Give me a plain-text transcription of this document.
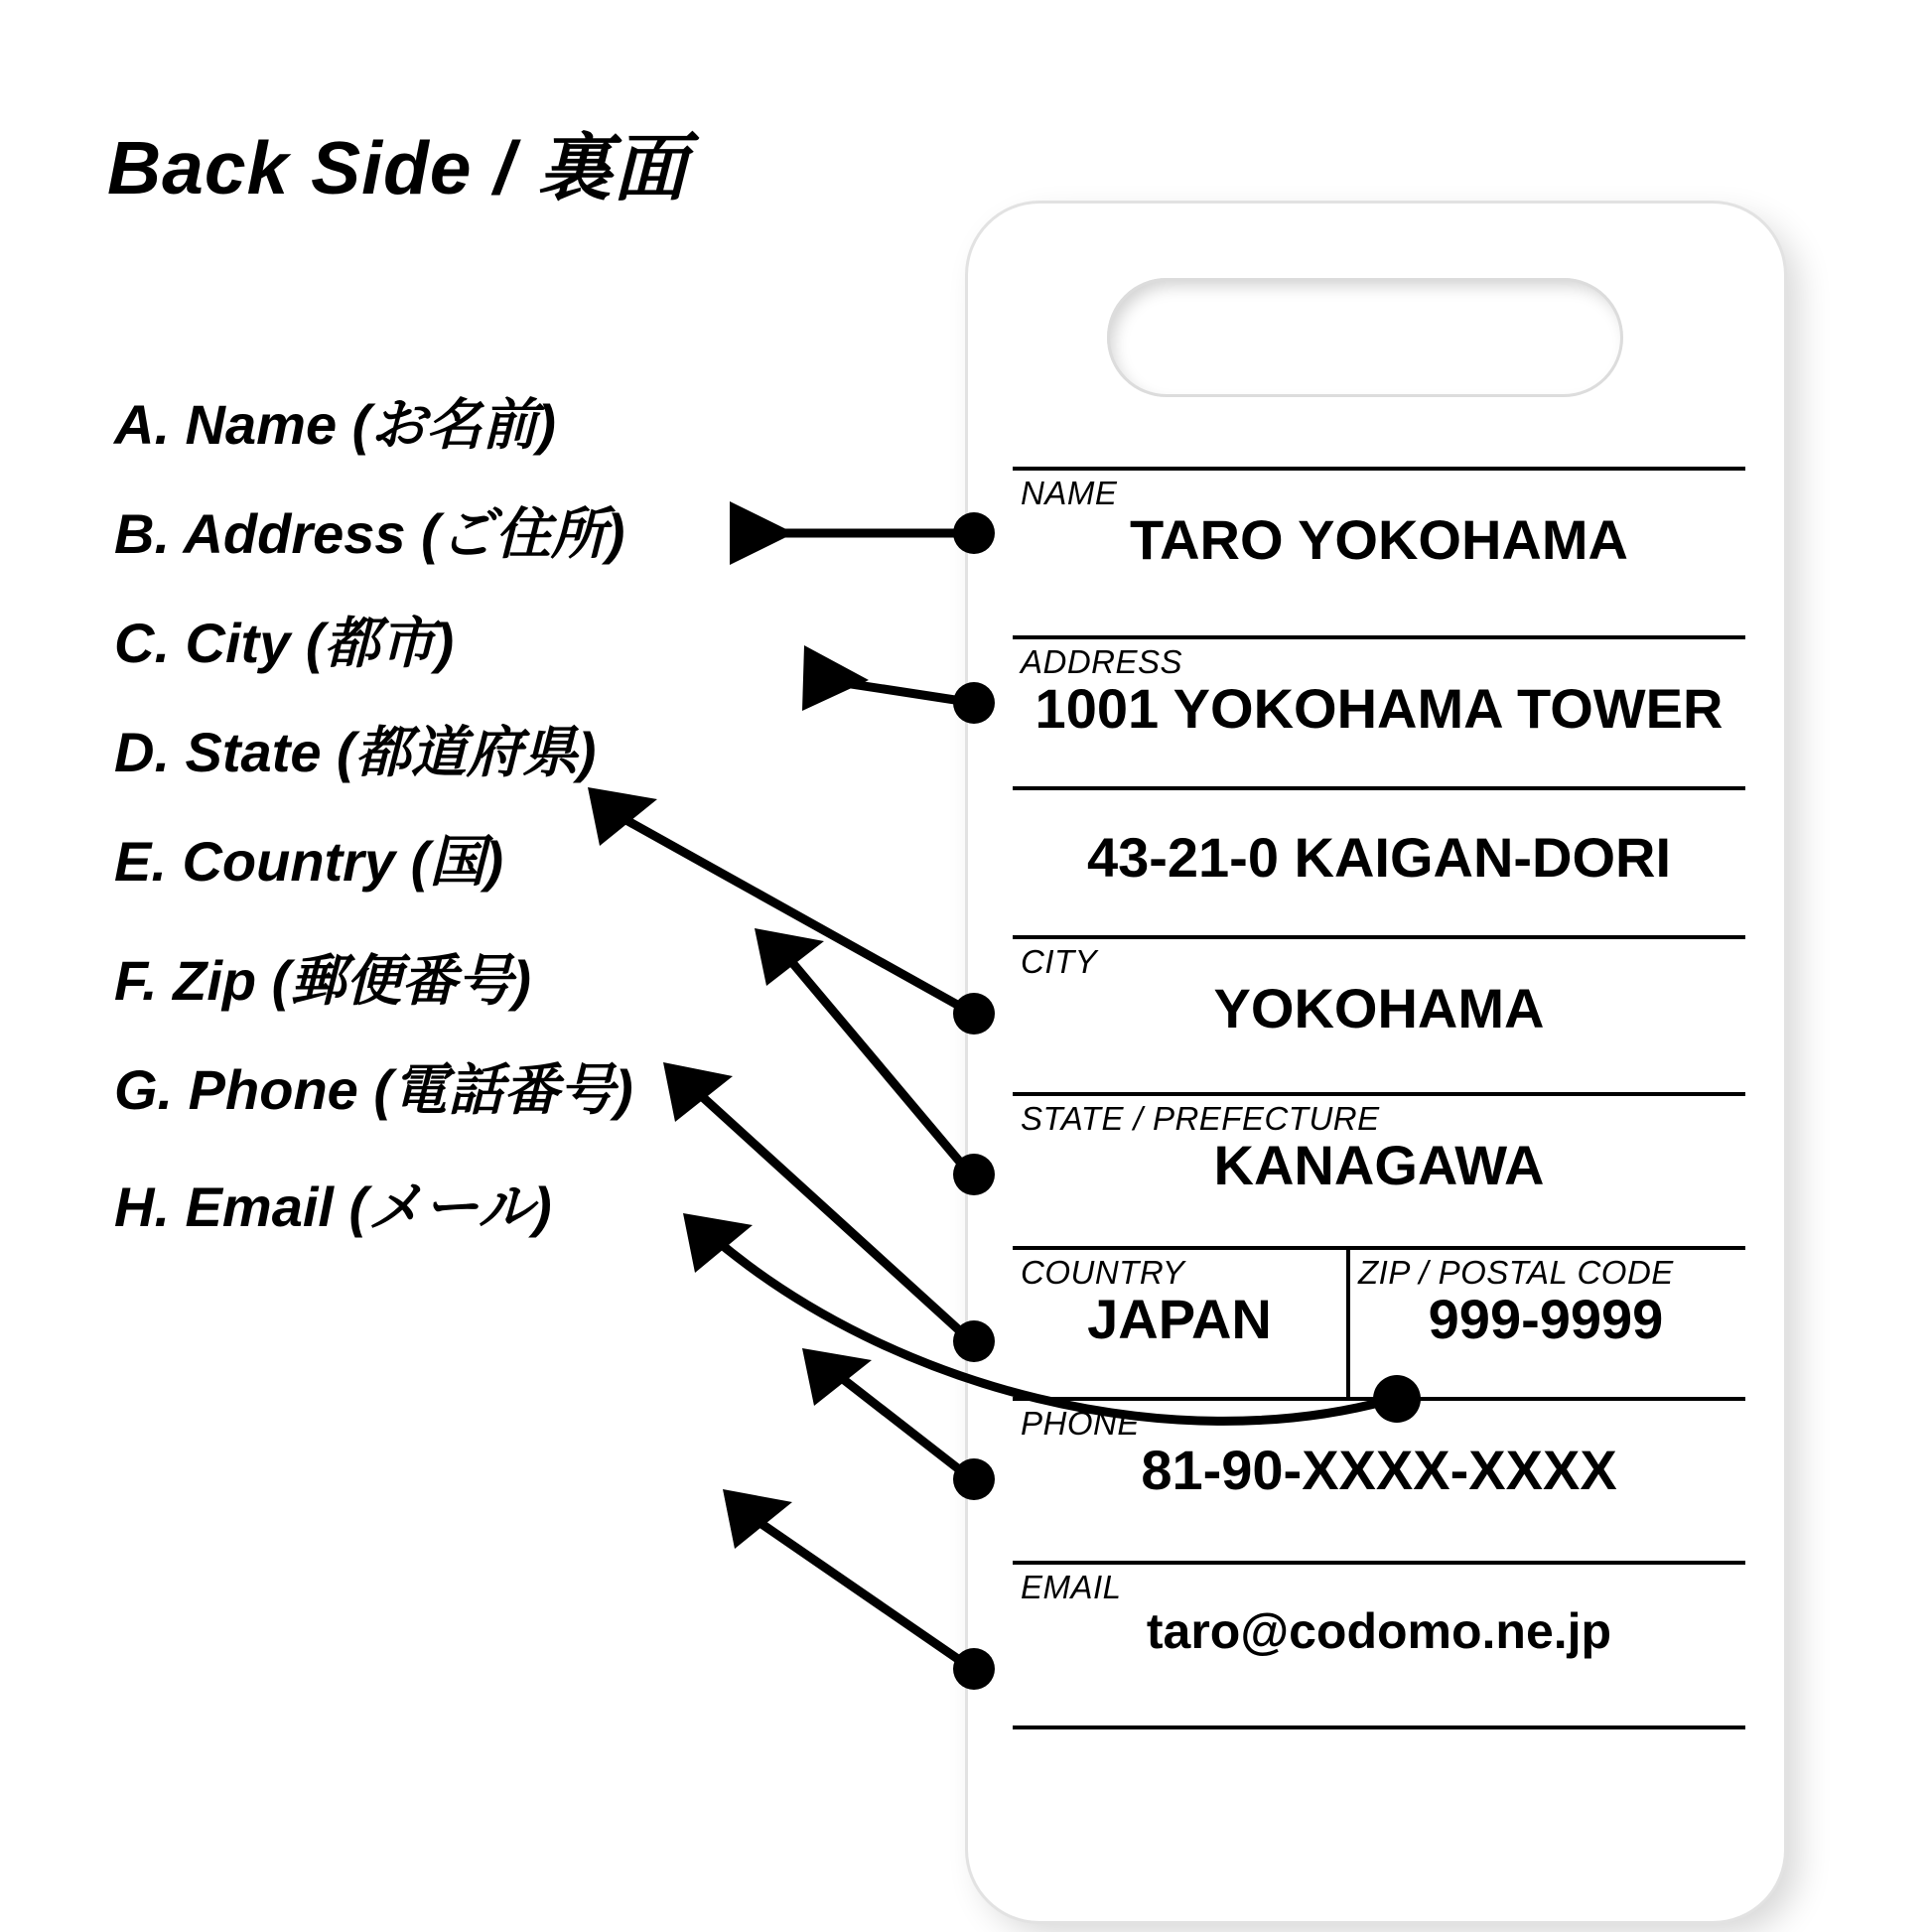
Back Side / 裏面
A. Name (お名前)
B. Address (ご住所)
C. City (都市)
D. State (都道府県)
E. Country (国)
F. Zip (郵便番号)
G. Phone (電話番号)
H. Email (メール)
NAME
TARO YOKOHAMA
ADDRESS
1001 YOKOHAMA TOWER
43-21-0 KAIGAN-DORI
CITY
YOKOHAMA
STATE / PREFECTURE
KANAGAWA
COUNTRY
JAPAN
ZIP / POSTAL CODE
999-9999
PHONE
81-90-XXXX-XXXX
EMAIL
taro@codomo.ne.jp
